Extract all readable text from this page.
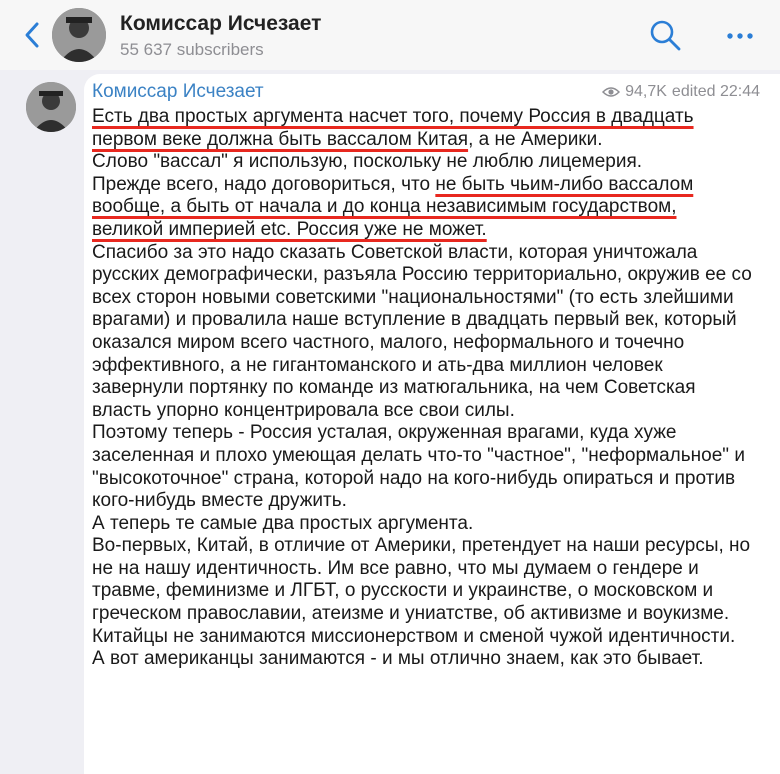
Комиссар Исчезает
55 637 subscribers
Комиссар Исчезает	94,7K edited 22:44

Есть два простых аргумента насчет того, почему Россия в двадцать первом веке должна быть вассалом Китая, а не Америки.

Слово "вассал" я использую, поскольку не люблю лицемерия.

Прежде всего, надо договориться, что не быть чьим-либо вассалом вообще, а быть от начала и до конца независимым государством, великой империей etc. Россия уже не может.

Спасибо за это надо сказать Советской власти, которая уничтожала русских демографически, разъяла Россию территориально, окружив ее со всех сторон новыми советскими "национальностями" (то есть злейшими врагами) и провалила наше вступление в двадцать первый век, который оказался миром всего частного, малого, неформального и точечно эффективного, а не гигантоманского и ать-два миллион человек завернули портянку по команде из матюгальника, на чем Советская власть упорно концентрировала все свои силы.

Поэтому теперь - Россия усталая, окруженная врагами, куда хуже заселенная и плохо умеющая делать что-то "частное", "неформальное" и "высокоточное" страна, которой надо на кого-нибудь опираться и против кого-нибудь вместе дружить.

А теперь те самые два простых аргумента.

Во-первых, Китай, в отличие от Америки, претендует на наши ресурсы, но не на нашу идентичность. Им все равно, что мы думаем о гендере и травме, феминизме и ЛГБТ, о русскости и украинстве, о московском и греческом православии, атеизме и униатстве, об активизме и воукизме. Китайцы не занимаются миссионерством и сменой чужой идентичности. А вот американцы занимаются - и мы отлично знаем, как это бывает.
